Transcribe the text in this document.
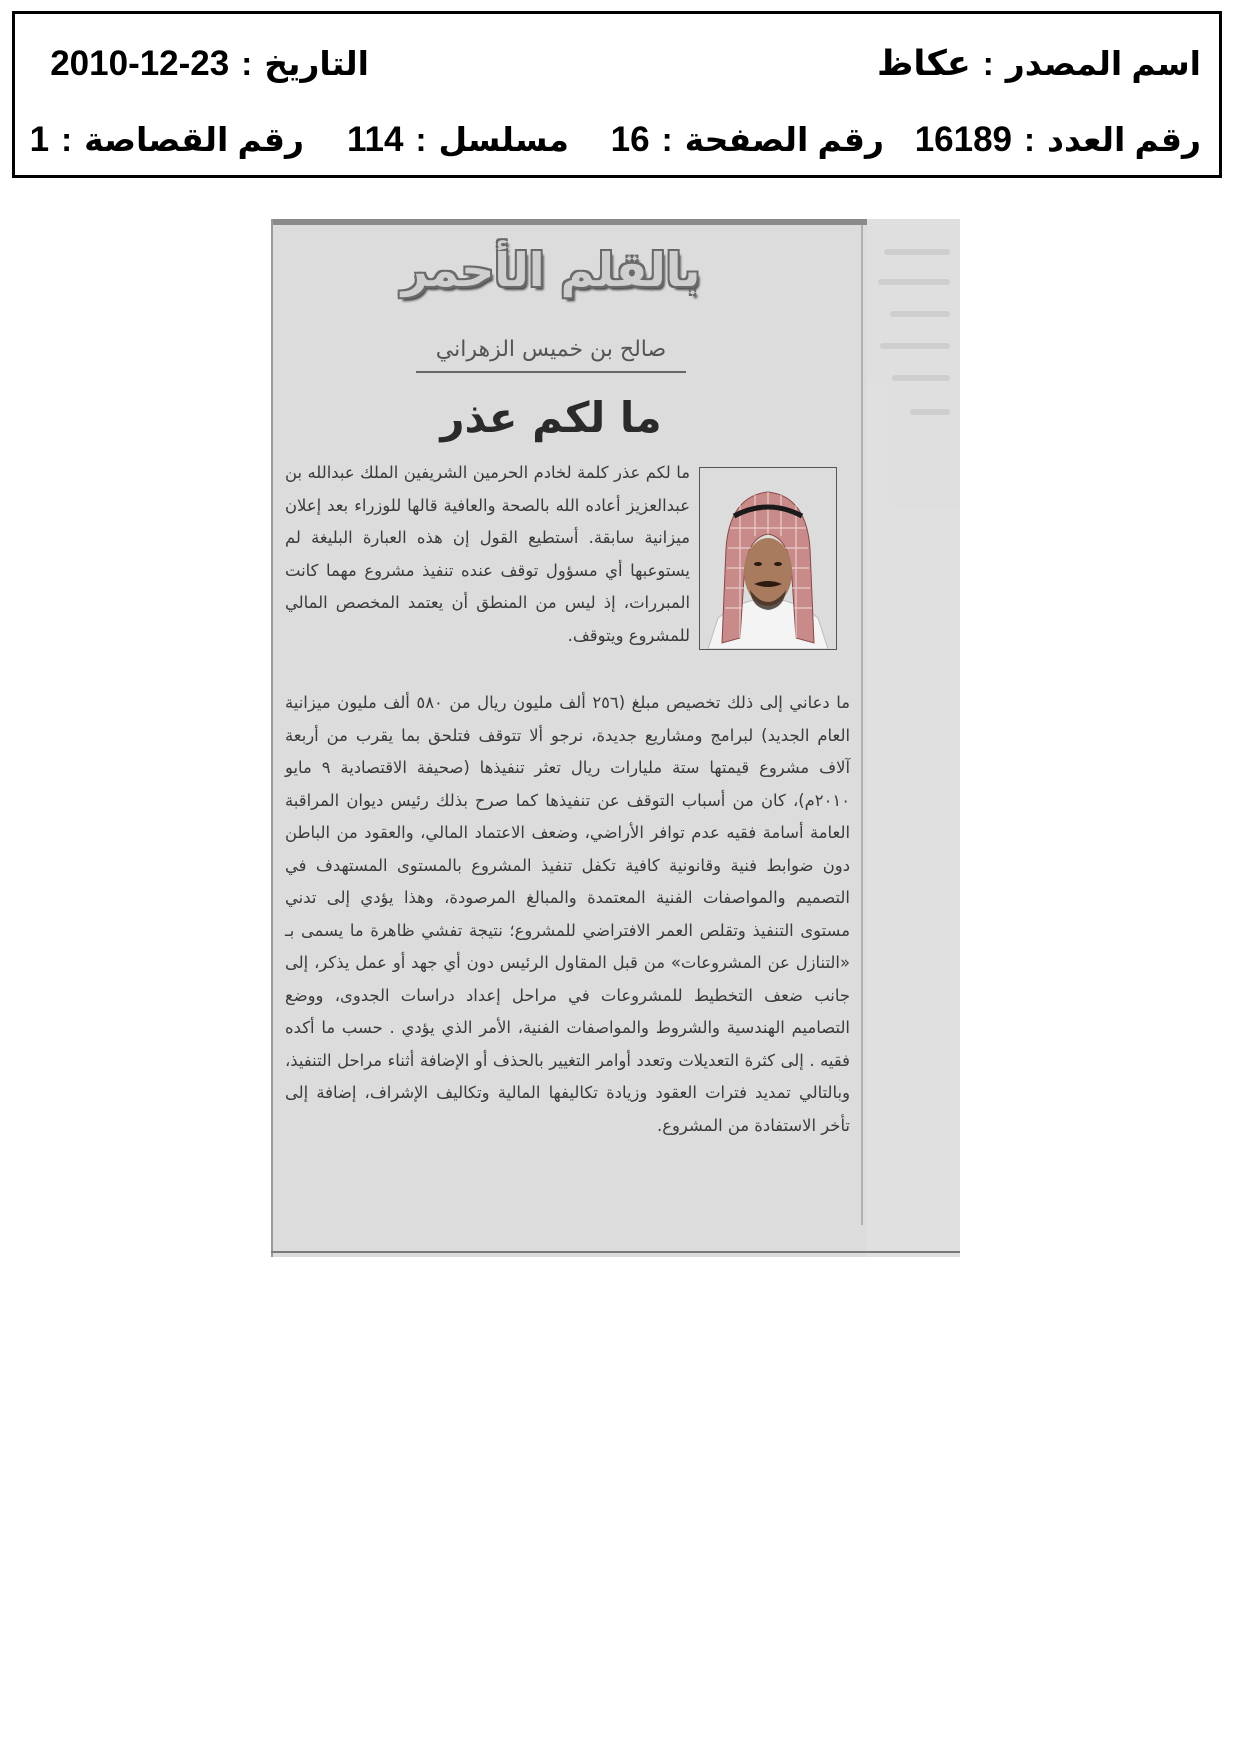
اسم المصدر:عكاظ
التاريخ:2010-12-23
رقم العدد:16189
رقم الصفحة:16
مسلسل:114
رقم القصاصة:1
بالقلم الأحمر
صالح بن خميس الزهراني
ما لكم عذر

ما لكم عذر كلمة لخادم الحرمين الشريفين الملك عبدالله بن عبدالعزيز أعاده الله بالصحة والعافية قالها للوزراء بعد إعلان ميزانية سابقة. أستطيع القول إن هذه العبارة البليغة لم يستوعبها أي مسؤول توقف عنده تنفيذ مشروع مهما كانت المبررات، إذ ليس من المنطق أن يعتمد المخصص المالي للمشروع ويتوقف.

ما دعاني إلى ذلك تخصيص مبلغ (٢٥٦ ألف مليون ريال من ٥٨٠ ألف مليون ميزانية العام الجديد) لبرامج ومشاريع جديدة، نرجو ألا تتوقف فتلحق بما يقرب من أربعة آلاف مشروع قيمتها ستة مليارات ريال تعثر تنفيذها (صحيفة الاقتصادية ٩ مايو ٢٠١٠م)، كان من أسباب التوقف عن تنفيذها كما صرح بذلك رئيس ديوان المراقبة العامة أسامة فقيه عدم توافر الأراضي، وضعف الاعتماد المالي، والعقود من الباطن دون ضوابط فنية وقانونية كافية تكفل تنفيذ المشروع بالمستوى المستهدف في التصميم والمواصفات الفنية المعتمدة والمبالغ المرصودة، وهذا يؤدي إلى تدني مستوى التنفيذ وتقلص العمر الافتراضي للمشروع؛ نتيجة تفشي ظاهرة ما يسمى بـ «التنازل عن المشروعات» من قبل المقاول الرئيس دون أي جهد أو عمل يذكر، إلى جانب ضعف التخطيط للمشروعات في مراحل إعداد دراسات الجدوى، ووضع التصاميم الهندسية والشروط والمواصفات الفنية، الأمر الذي يؤدي . حسب ما أكده فقيه . إلى كثرة التعديلات وتعدد أوامر التغيير بالحذف أو الإضافة أثناء مراحل التنفيذ، وبالتالي تمديد فترات العقود وزيادة تكاليفها المالية وتكاليف الإشراف، إضافة إلى تأخر الاستفادة من المشروع.
